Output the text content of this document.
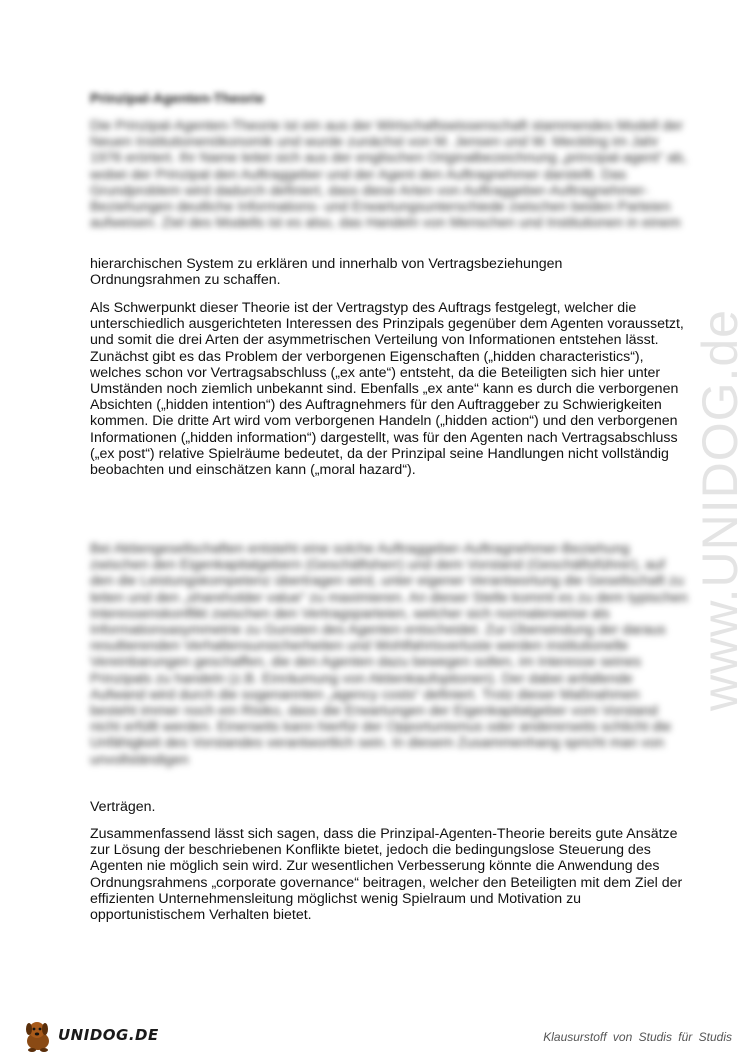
Prinzipal-Agenten-Theorie

Die Prinzipal-Agenten-Theorie ist ein aus der Wirtschaftswissenschaft stammendes Modell der Neuen Institutionenökonomik und wurde zunächst von M. Jensen und W. Meckling im Jahr 1976 erörtert. Ihr Name leitet sich aus der englischen Originalbezeichnung „principal-agent“ ab, wobei der Prinzipal den Auftraggeber und der Agent den Auftragnehmer darstellt. Das Grundproblem wird dadurch definiert, dass diese Arten von Auftraggeber-Auftragnehmer-Beziehungen deutliche Informations- und Erwartungsunterschiede zwischen beiden Parteien aufweisen. Ziel des Modells ist es also, das Handeln von Menschen und Institutionen in einem

hierarchischen System zu erklären und innerhalb von Vertragsbeziehungen
Ordnungsrahmen zu schaffen.

Als Schwerpunkt dieser Theorie ist der Vertragstyp des Auftrags festgelegt, welcher die unterschiedlich ausgerichteten Interessen des Prinzipals gegenüber dem Agenten voraussetzt, und somit die drei Arten der asymmetrischen Verteilung von Informationen entstehen lässt. Zunächst gibt es das Problem der verborgenen Eigenschaften („hidden characteristics“), welches schon vor Vertragsabschluss („ex ante“) entsteht, da die Beteiligten sich hier unter Umständen noch ziemlich unbekannt sind. Ebenfalls „ex ante“ kann es durch die verborgenen Absichten („hidden intention“) des Auftragnehmers für den Auftraggeber zu Schwierigkeiten kommen. Die dritte Art wird vom verborgenen Handeln („hidden action“) und den verborgenen Informationen („hidden information“) dargestellt, was für den Agenten nach Vertragsabschluss („ex post“) relative Spielräume bedeutet, da der Prinzipal seine Handlungen nicht vollständig beobachten und einschätzen kann („moral hazard“).

Bei Aktiengesellschaften entsteht eine solche Auftraggeber-Auftragnehmer-Beziehung zwischen den Eigenkapitalgebern (Geschäftsherr) und dem Vorstand (Geschäftsführer), auf den die Leistungskompetenz übertragen wird, unter eigener Verantwortung die Gesellschaft zu leiten und den „shareholder value“ zu maximieren. An dieser Stelle kommt es zu dem typischen Interessenskonflikt zwischen den Vertragsparteien, welcher sich normalerweise als Informationsasymmetrie zu Gunsten des Agenten entscheidet. Zur Überwindung der daraus resultierenden Verhaltensunsicherheiten und Wohlfahrtsverluste werden institutionelle Vereinbarungen geschaffen, die den Agenten dazu bewegen sollen, im Interesse seines Prinzipals zu handeln (z.B. Einräumung von Aktienkaufoptionen). Der dabei anfallende Aufwand wird durch die sogenannten „agency costs“ definiert. Trotz dieser Maßnahmen besteht immer noch ein Risiko, dass die Erwartungen der Eigenkapitalgeber vom Vorstand nicht erfüllt werden. Einerseits kann hierfür der Opportunismus oder andererseits schlicht die Unfähigkeit des Vorstandes verantwortlich sein. In diesem Zusammenhang spricht man von unvollständigen

Verträgen.

Zusammenfassend lässt sich sagen, dass die Prinzipal-Agenten-Theorie bereits gute Ansätze zur Lösung der beschriebenen Konflikte bietet, jedoch die bedingungslose Steuerung des Agenten nie möglich sein wird. Zur wesentlichen Verbesserung könnte die Anwendung des Ordnungsrahmens „corporate governance“ beitragen, welcher den Beteiligten mit dem Ziel der effizienten Unternehmensleitung möglichst wenig Spielraum und Motivation zu opportunistischem Verhalten bietet.

www.UNIDOG.de
UNIDOG.DE	Klausurstoff von Studis für Studis
